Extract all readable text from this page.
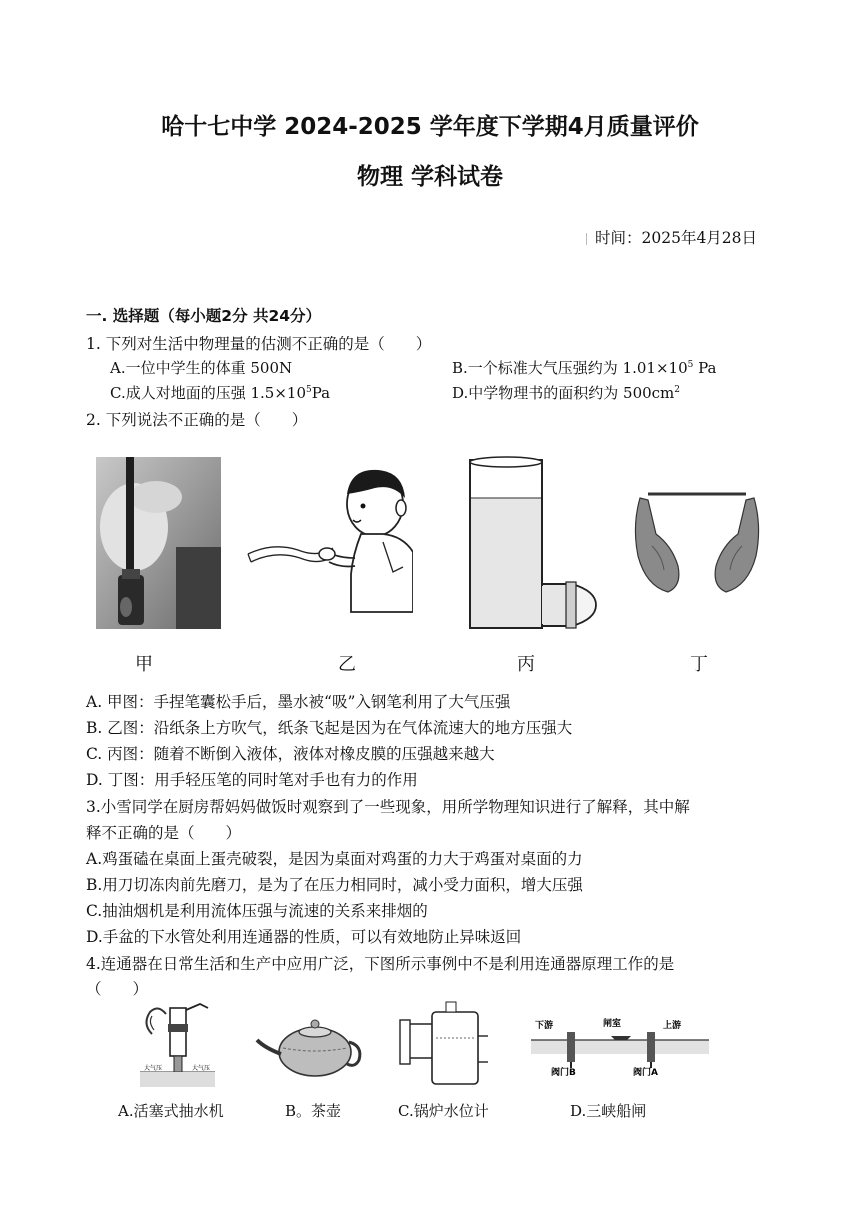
哈十七中学 2024-2025 学年度下学期4月质量评价
物理 学科试卷
时间：2025年4月28日
一. 选择题（每小题2分 共24分）
1. 下列对生活中物理量的估测不正确的是（　　）
A.一位中学生的体重 500N	B.一个标准大气压强约为 $1.01\times 10^5$ Pa
C.成人对地面的压强 $1.5\times 10^5Pa$	D.中学物理书的面积约为 $500cm^2$
2. 下列说法不正确的是（　　）
甲	乙	丙	丁
A. 甲图：手捏笔囊松手后，墨水被“吸”入钢笔利用了大气压强
B. 乙图：沿纸条上方吹气，纸条飞起是因为在气体流速大的地方压强大
C. 丙图：随着不断倒入液体，液体对橡皮膜的压强越来越大
D. 丁图：用手轻压笔的同时笔对手也有力的作用
3.小雪同学在厨房帮妈妈做饭时观察到了一些现象，用所学物理知识进行了解释，其中解
释不正确的是（　　）
A.鸡蛋磕在桌面上蛋壳破裂，是因为桌面对鸡蛋的力大于鸡蛋对桌面的力
B.用刀切冻肉前先磨刀，是为了在压力相同时，减小受力面积，增大压强
C.抽油烟机是利用流体压强与流速的关系来排烟的
D.手盆的下水管处利用连通器的性质，可以有效地防止异味返回
4.连通器在日常生活和生产中应用广泛，下图所示事例中不是利用连通器原理工作的是
（　　）
大气压	大气压
下游	闸室	上游
阀门B	阀门A
A.活塞式抽水机	B。茶壶	C.锅炉水位计	D.三峡船闸
